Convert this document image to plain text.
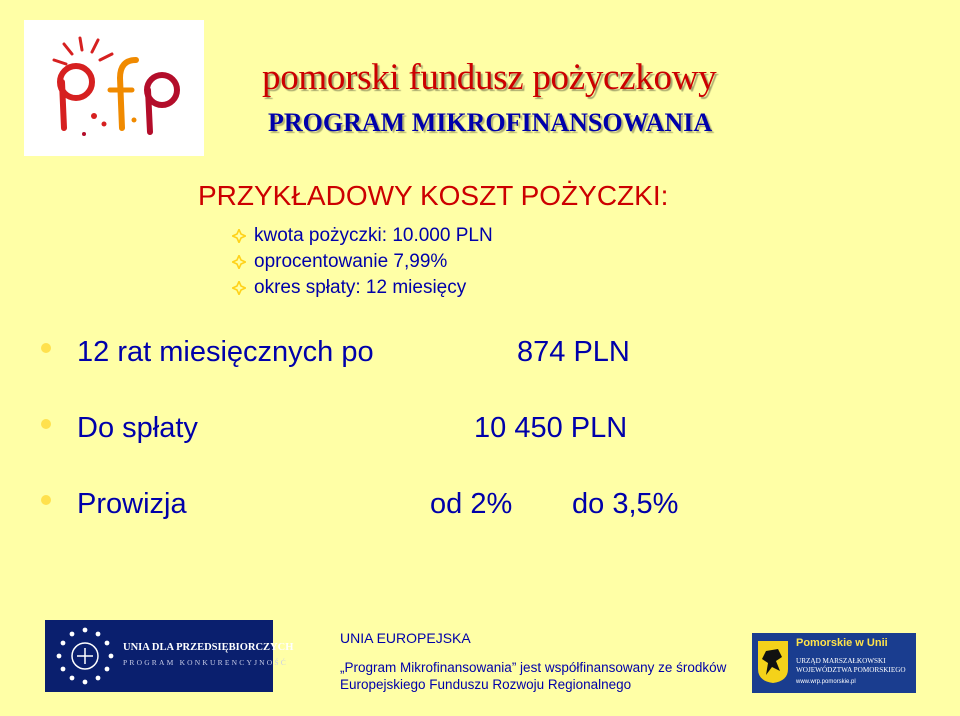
pomorski fundusz pożyczkowy
PROGRAM MIKROFINANSOWANIA
PRZYKŁADOWY KOSZT POŻYCZKI:
kwota pożyczki: 10.000 PLN
oprocentowanie 7,99%
okres spłaty: 12 miesięcy
12 rat miesięcznych po	874 PLN
Do spłaty	10 450 PLN
Prowizja	od 2% do 3,5%
UNIA DLA PRZEDSIĘBIORCZYCH
PROGRAM KONKURENCYJNOŚĆ
UNIA EUROPEJSKA
„Program Mikrofinansowania” jest współfinansowany ze środków
Europejskiego Funduszu Rozwoju Regionalnego
Pomorskie w Unii
URZĄD MARSZAŁKOWSKI
WOJEWÓDZTWA POMORSKIEGO
www.wrp.pomorskie.pl
